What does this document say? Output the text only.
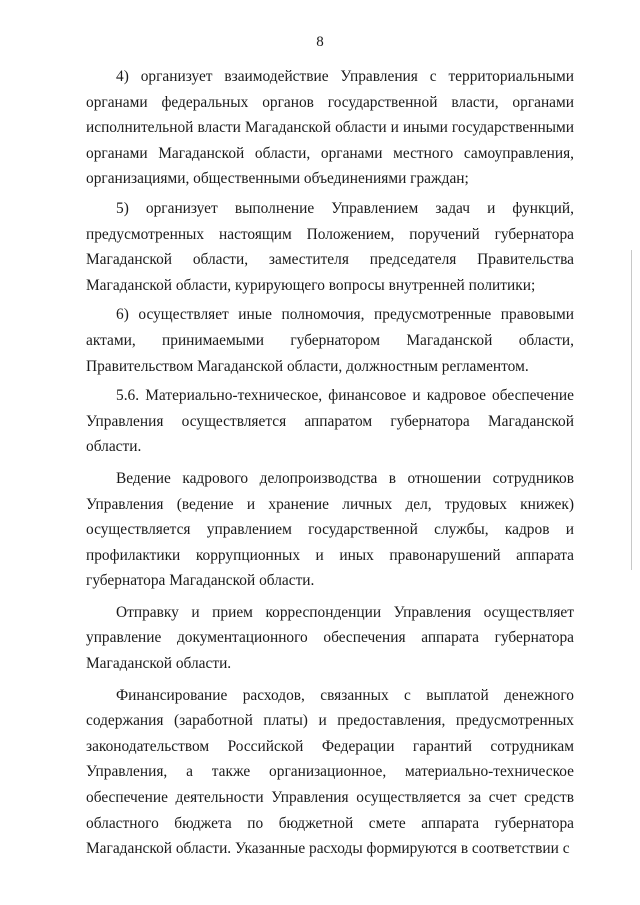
8

4) организует взаимодействие Управления с территориальными органами федеральных органов государственной власти, органами исполнительной власти Магаданской области и иными государственными органами Магаданской области, органами местного самоуправления, организациями, общественными объединениями граждан;

5) организует выполнение Управлением задач и функций, предусмотренных настоящим Положением, поручений губернатора Магаданской области, заместителя председателя Правительства Магаданской области, курирующего вопросы внутренней политики;

6) осуществляет иные полномочия, предусмотренные правовыми актами, принимаемыми губернатором Магаданской области, Правительством Магаданской области, должностным регламентом.

5.6. Материально-техническое, финансовое и кадровое обеспечение Управления осуществляется аппаратом губернатора Магаданской области.

Ведение кадрового делопроизводства в отношении сотрудников Управления (ведение и хранение личных дел, трудовых книжек) осуществляется управлением государственной службы, кадров и профилактики коррупционных и иных правонарушений аппарата губернатора Магаданской области.

Отправку и прием корреспонденции Управления осуществляет управление документационного обеспечения аппарата губернатора Магаданской области.

Финансирование расходов, связанных с выплатой денежного содержания (заработной платы) и предоставления, предусмотренных законодательством Российской Федерации гарантий сотрудникам Управления, а также организационное, материально-техническое обеспечение деятельности Управления осуществляется за счет средств областного бюджета по бюджетной смете аппарата губернатора Магаданской области. Указанные расходы формируются в соответствии с
